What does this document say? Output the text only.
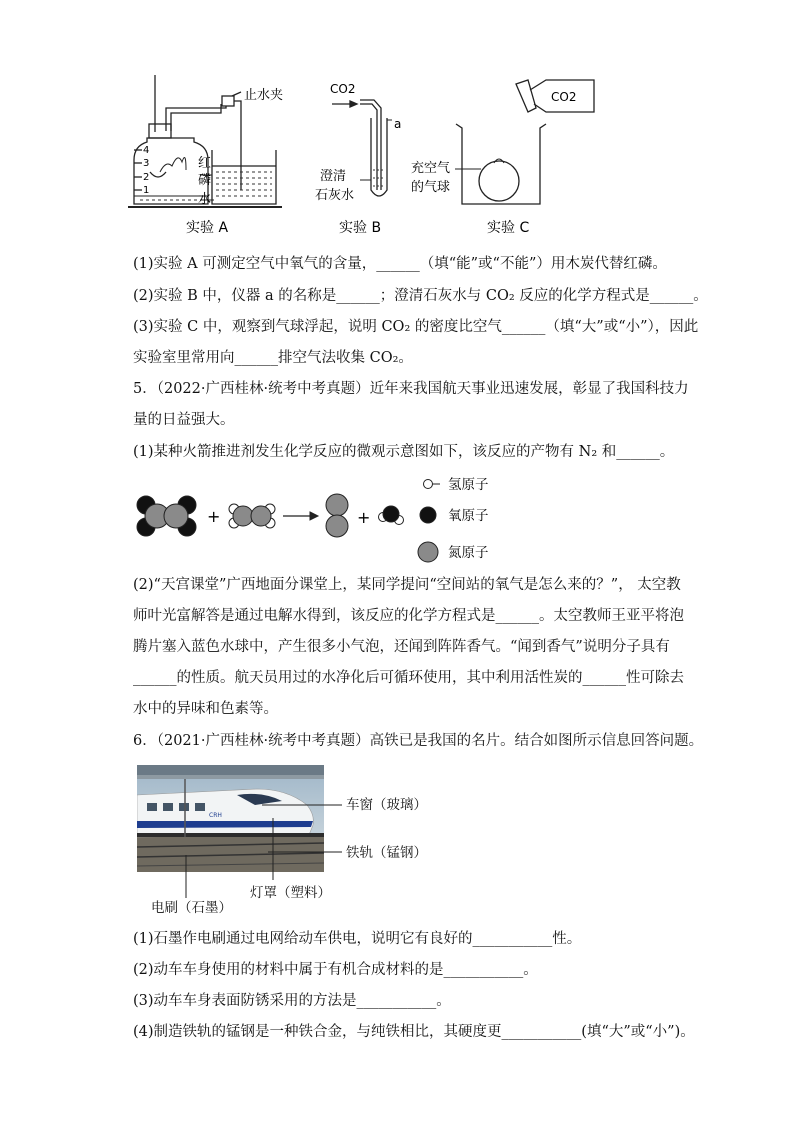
止水夹
红
磷
水
4
3
2
1
CO2
a
澄清
石灰水
充空气
的气球
CO2
实验 A	实验 B	实验 C
(1)实验 A 可测定空气中氧气的含量，______（填“能”或“不能”）用木炭代替红磷。
(2)实验 B 中，仪器 a 的名称是______；澄清石灰水与 CO₂ 反应的化学方程式是______。
(3)实验 C 中，观察到气球浮起，说明 CO₂ 的密度比空气______（填“大”或“小”），因此
实验室里常用向______排空气法收集 CO₂。
5．（2022·广西桂林·统考中考真题）近年来我国航天事业迅速发展，彰显了我国科技力
量的日益强大。
(1)某种火箭推进剂发生化学反应的微观示意图如下，该反应的产物有 N₂ 和______。
+	+
氢原子
氧原子
氮原子
(2)“天宫课堂”广西地面分课堂上，某同学提问“空间站的氧气是怎么来的？”， 太空教
师叶光富解答是通过电解水得到，该反应的化学方程式是______。太空教师王亚平将泡
腾片塞入蓝色水球中，产生很多小气泡，还闻到阵阵香气。“闻到香气”说明分子具有
______的性质。航天员用过的水净化后可循环使用，其中利用活性炭的______性可除去
水中的异味和色素等。
6．（2021·广西桂林·统考中考真题）高铁已是我国的名片。结合如图所示信息回答问题。
CRH
车窗（玻璃）
铁轨（锰钢）
灯罩（塑料）
电刷（石墨）
(1)石墨作电刷通过电网给动车供电，说明它有良好的___________性。
(2)动车车身使用的材料中属于有机合成材料的是___________。
(3)动车车身表面防锈采用的方法是___________。
(4)制造铁轨的锰钢是一种铁合金，与纯铁相比，其硬度更___________(填“大”或“小”)。
